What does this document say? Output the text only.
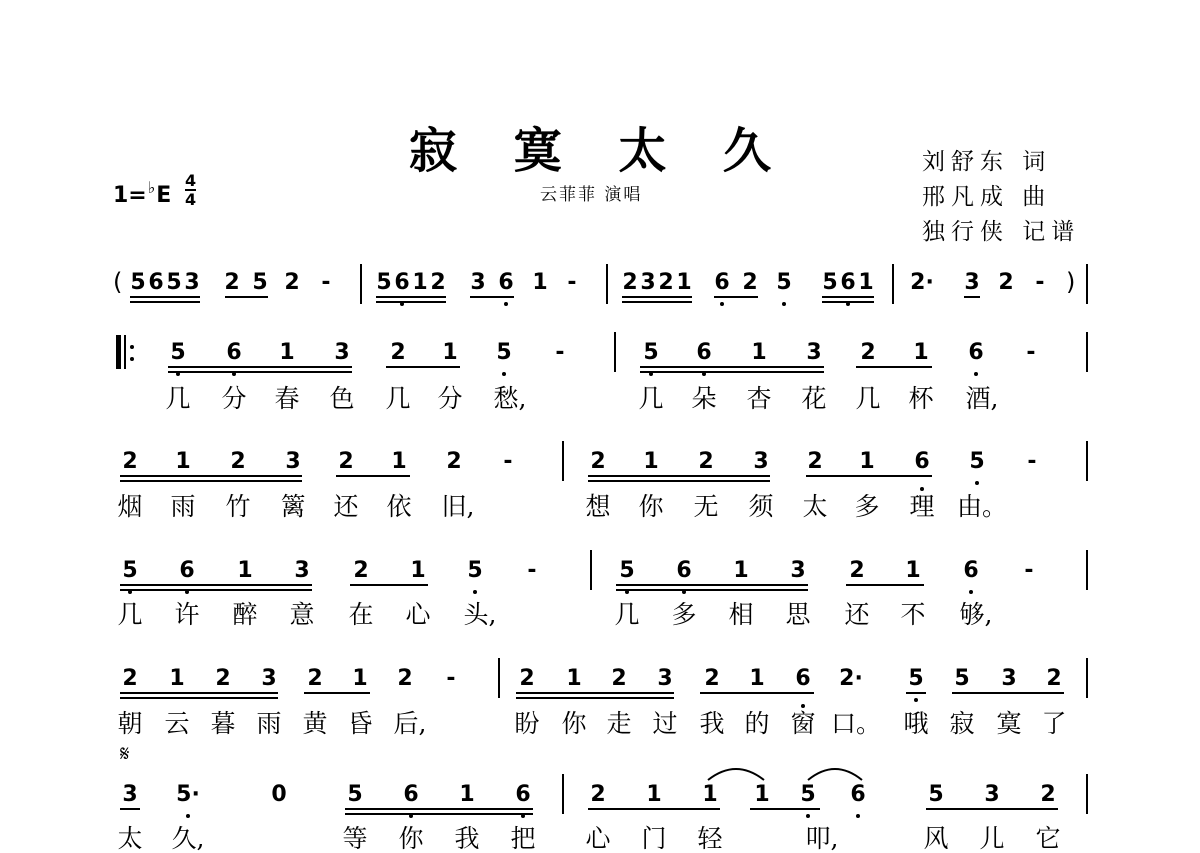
寂 寞 太 久
云菲菲 演唱
刘舒东 词
邢凡成 曲
独行侠 记谱
$1=^♭E \frac{4}{4}$
( 5 6 5 3 2 5 2 - 5 6 1 2 3 6 1 - 2 3 2 1 6 2 5 5 6 1 2· 3 2 - )
5 6 1 3 2 1 5 -	5 6 1 3 2 1 6 -
几 分 春 色 几 分 愁,	几 朵 杏 花 几 杯 酒,
2 1 2 3 2 1 2 -	2 1 2 3 2 1 6 5 -
烟 雨 竹 篱 还 依 旧,	想 你 无 须 太 多 理 由。
5 6 1 3 2 1 5 -	5 6 1 3 2 1 6 -
几 许 醉 意 在 心 头,	几 多 相 思 还 不 够,
2 1 2 3 2 1 2 -	2 1 2 3 2 1 6 2· 5 5 3 2
朝 云 暮 雨 黄 昏 后,	盼 你 走 过 我 的 窗 口。 哦 寂 寞 了
𝄋
3 5·	0	5 6 1 6	2 1 1 1 5 6	5 3 2
太 久,	等 你 我 把 心 门 轻	叩,	风 儿 它
